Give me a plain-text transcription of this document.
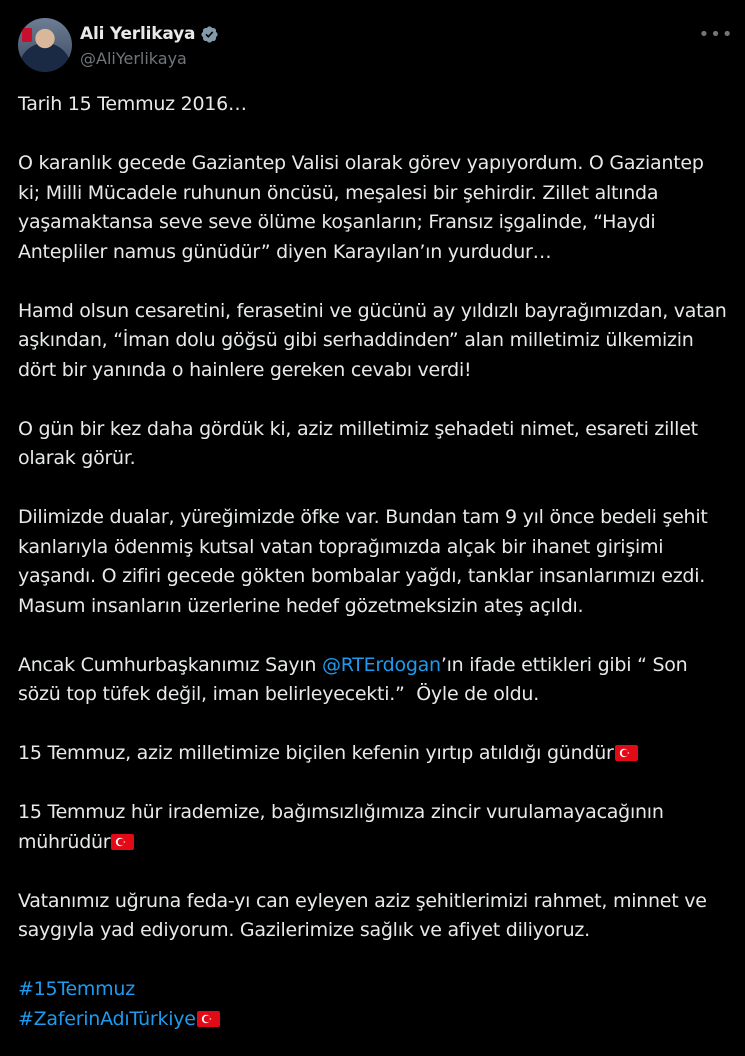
Ali Yerlikaya
@AliYerlikaya
•••

Tarih 15 Temmuz 2016…

O karanlık gecede Gaziantep Valisi olarak görev yapıyordum. O Gaziantep ki; Milli Mücadele ruhunun öncüsü, meşalesi bir şehirdir. Zillet altında yaşamaktansa seve seve ölüme koşanların; Fransız işgalinde, “Haydi Antepliler namus günüdür” diyen Karayılan’ın yurdudur…

Hamd olsun cesaretini, ferasetini ve gücünü ay yıldızlı bayrağımızdan, vatan aşkından, “İman dolu göğsü gibi serhaddinden” alan milletimiz ülkemizin dört bir yanında o hainlere gereken cevabı verdi!

O gün bir kez daha gördük ki, aziz milletimiz şehadeti nimet, esareti zillet olarak görür.

Dilimizde dualar, yüreğimizde öfke var. Bundan tam 9 yıl önce bedeli şehit kanlarıyla ödenmiş kutsal vatan toprağımızda alçak bir ihanet girişimi yaşandı. O zifiri gecede gökten bombalar yağdı, tanklar insanlarımızı ezdi. Masum insanların üzerlerine hedef gözetmeksizin ateş açıldı.

Ancak Cumhurbaşkanımız Sayın @RTErdogan’ın ifade ettikleri gibi “ Son sözü top tüfek değil, iman belirleyecekti.”  Öyle de oldu.

15 Temmuz, aziz milletimize biçilen kefenin yırtıp atıldığı gündür

15 Temmuz hür irademize, bağımsızlığımıza zincir vurulamayacağının mührüdür

Vatanımız uğruna feda-yı can eyleyen aziz şehitlerimizi rahmet, minnet ve saygıyla yad ediyorum. Gazilerimize sağlık ve afiyet diliyoruz.

#15Temmuz
#ZaferinAdıTürkiye
